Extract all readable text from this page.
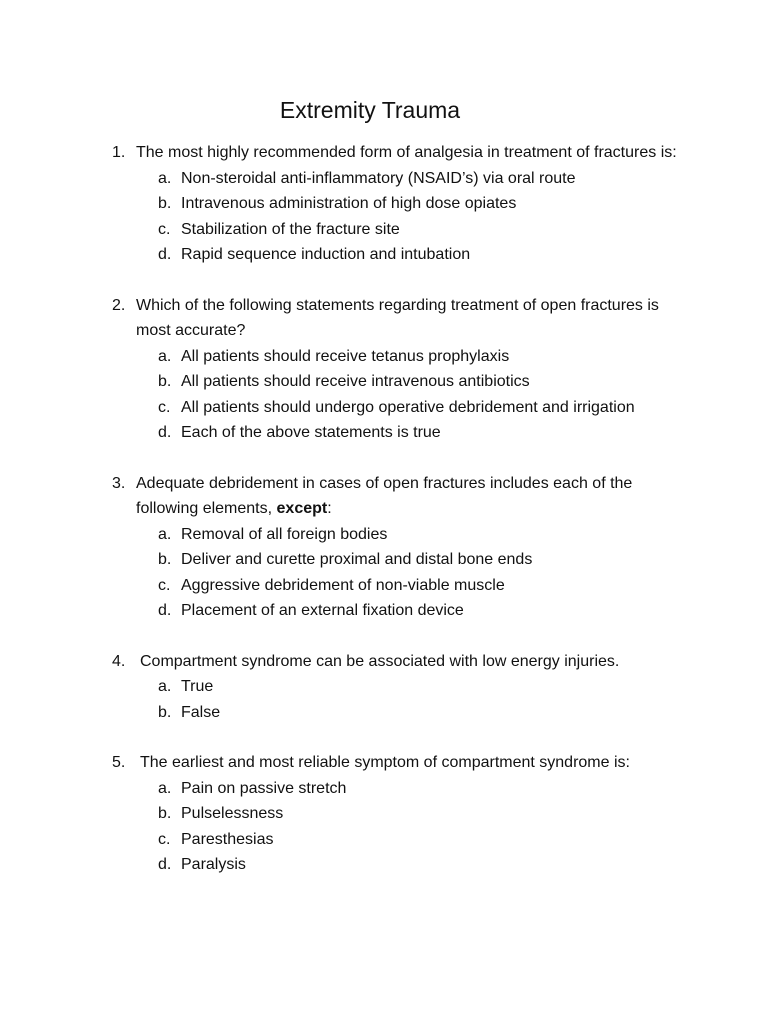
Extremity Trauma
1. The most highly recommended form of analgesia in treatment of fractures is:
a. Non-steroidal anti-inflammatory (NSAID’s) via oral route
b. Intravenous administration of high dose opiates
c. Stabilization of the fracture site
d. Rapid sequence induction and intubation
2. Which of the following statements regarding treatment of open fractures is most accurate?
a. All patients should receive tetanus prophylaxis
b. All patients should receive intravenous antibiotics
c. All patients should undergo operative debridement and irrigation
d. Each of the above statements is true
3. Adequate debridement in cases of open fractures includes each of the following elements, except:
a. Removal of all foreign bodies
b. Deliver and curette proximal and distal bone ends
c. Aggressive debridement of non-viable muscle
d. Placement of an external fixation device
4. Compartment syndrome can be associated with low energy injuries.
a. True
b. False
5. The earliest and most reliable symptom of compartment syndrome is:
a. Pain on passive stretch
b. Pulselessness
c. Paresthesias
d. Paralysis
